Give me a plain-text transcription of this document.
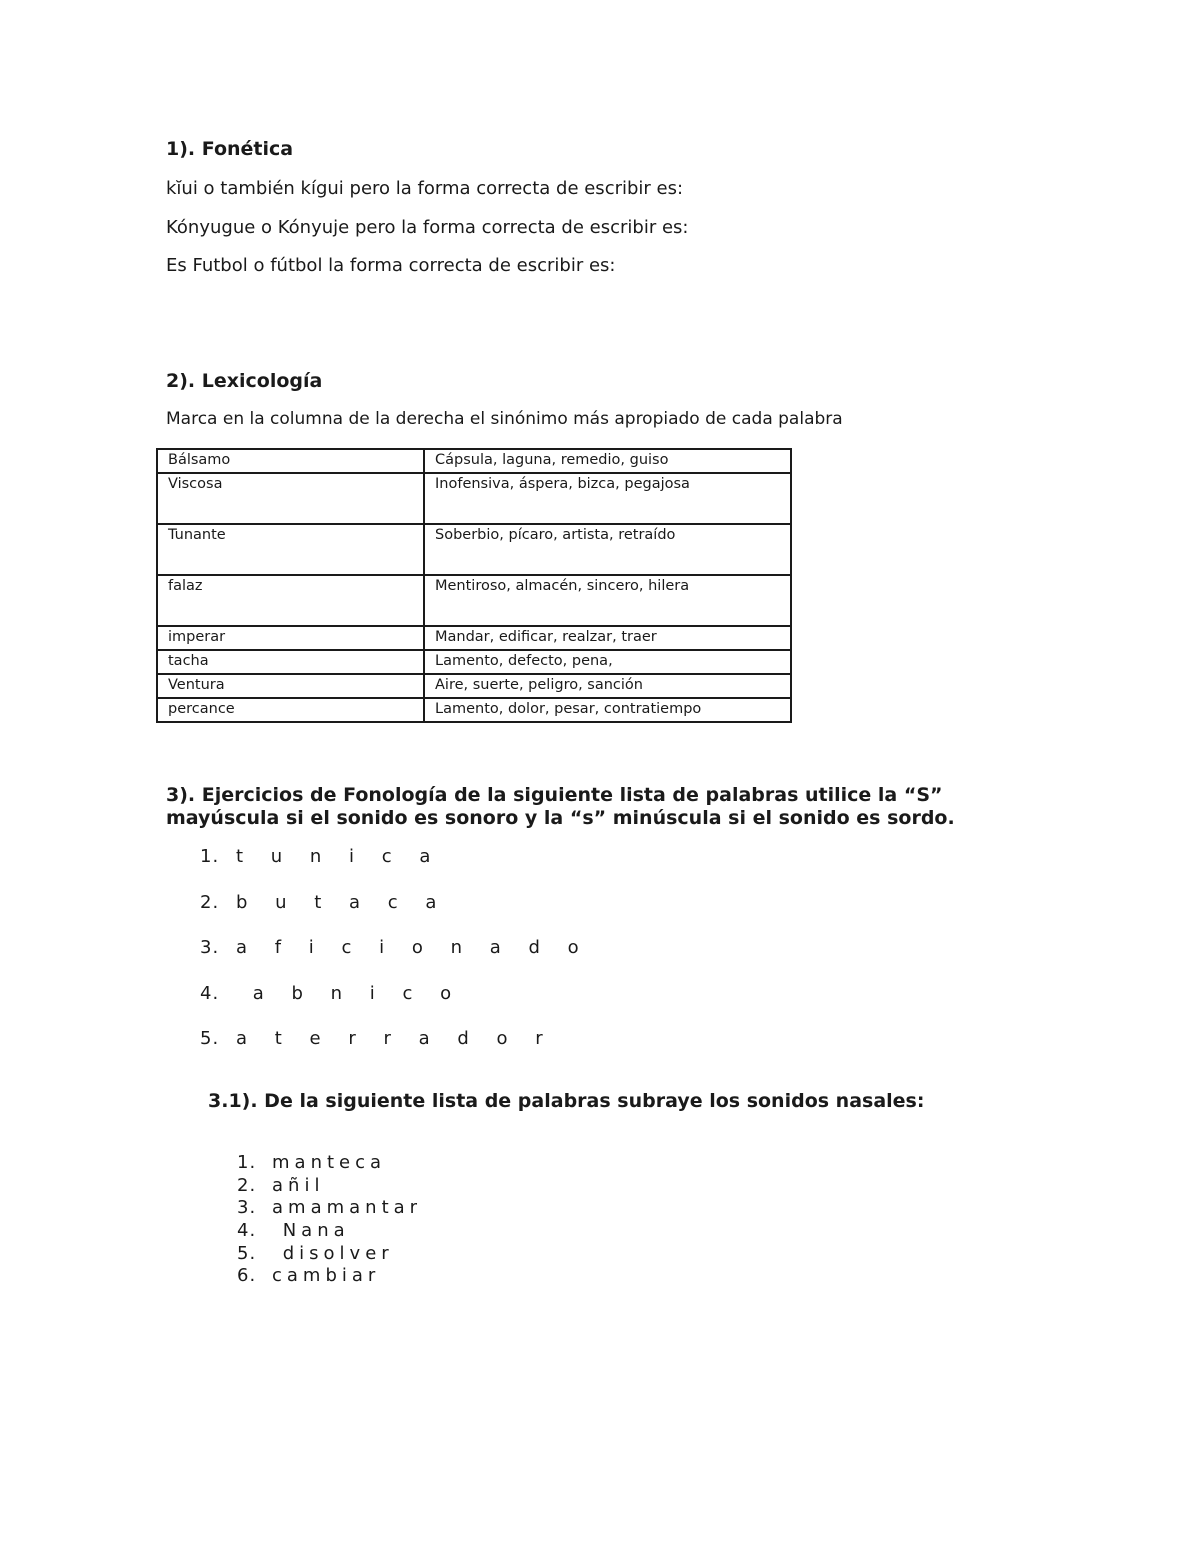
1). Fonética
kĭui o también kígui pero la forma correcta de escribir es:
Kónyugue o Kónyuje pero la forma correcta de escribir es:
Es Futbol o fútbol la forma correcta de escribir es:
2). Lexicología
Marca en la columna de la derecha el sinónimo más apropiado de cada palabra
Bálsamo	Cápsula, laguna, remedio, guiso
Viscosa	Inofensiva, áspera, bizca, pegajosa
Tunante	Soberbio, pícaro, artista, retraído
falaz	Mentiroso, almacén, sincero, hilera
imperar	Mandar, edificar, realzar, traer
tacha	Lamento, defecto, pena,
Ventura	Aire, suerte, peligro, sanción
percance	Lamento, dolor, pesar, contratiempo
3). Ejercicios de Fonología de la siguiente lista de palabras utilice la “S”
mayúscula si el sonido es sonoro y la “s” minúscula si el sonido es sordo.
1. t u n i c a
2. b u t a c a
3. a f i c i o n a d o
4. a b n i c o
5. a t e r r a d o r
3.1). De la siguiente lista de palabras subraye los sonidos nasales:
1. manteca
2. añil
3. amamantar
4. Nana
5. disolver
6. cambiar
